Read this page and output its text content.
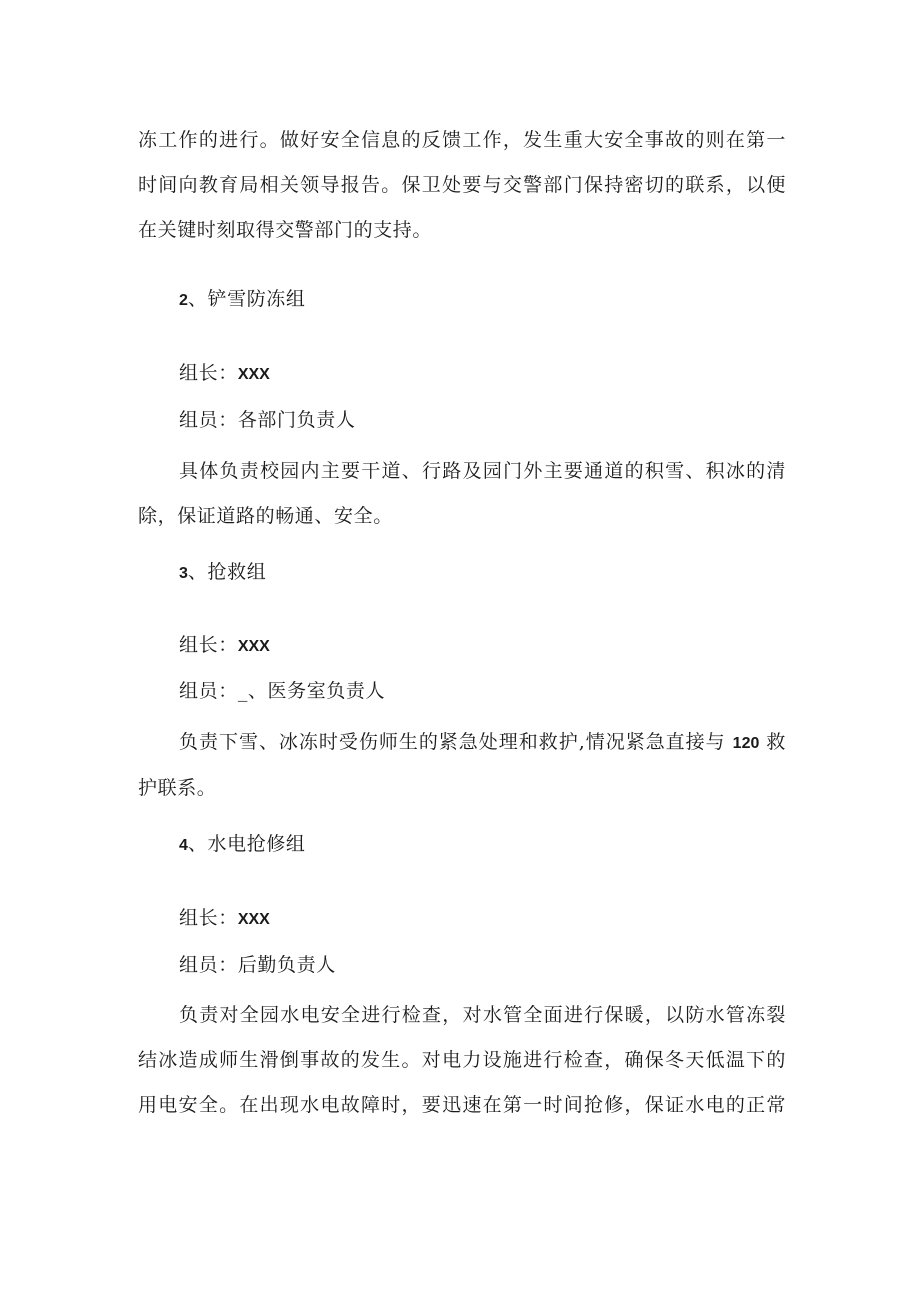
冻工作的进行。做好安全信息的反馈工作，发生重大安全事故的则在第一
时间向教育局相关领导报告。保卫处要与交警部门保持密切的联系，以便
在关键时刻取得交警部门的支持。
2、铲雪防冻组
组长：XXX
组员：各部门负责人
具体负责校园内主要干道、行路及园门外主要通道的积雪、积冰的清
除，保证道路的畅通、安全。
3、抢救组
组长：XXX
组员：_、医务室负责人
负责下雪、冰冻时受伤师生的紧急处理和救护,情况紧急直接与 120 救
护联系。
4、水电抢修组
组长：XXX
组员：后勤负责人
负责对全园水电安全进行检查，对水管全面进行保暖，以防水管冻裂
结冰造成师生滑倒事故的发生。对电力设施进行检查，确保冬天低温下的
用电安全。在出现水电故障时，要迅速在第一时间抢修，保证水电的正常
